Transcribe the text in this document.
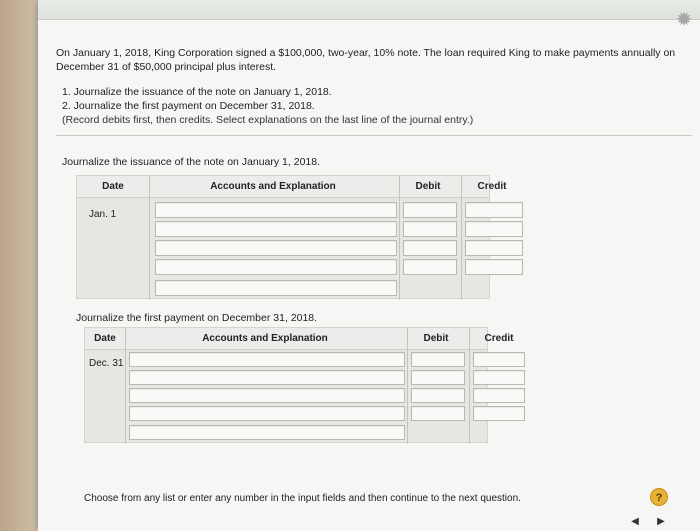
✹
On January 1, 2018, King Corporation signed a $100,000, two-year, 10% note. The loan required King to make payments annually on
December 31 of $50,000 principal plus interest.
1. Journalize the issuance of the note on January 1, 2018.
2. Journalize the first payment on December 31, 2018.
(Record debits first, then credits. Select explanations on the last line of the journal entry.)
Journalize the issuance of the note on January 1, 2018.
Date	Accounts and Explanation	Debit	Credit
Jan. 1
Journalize the first payment on December 31, 2018.
Date	Accounts and Explanation	Debit	Credit
Dec. 31
Choose from any list or enter any number in the input fields and then continue to the next question.	?
◀	▶
